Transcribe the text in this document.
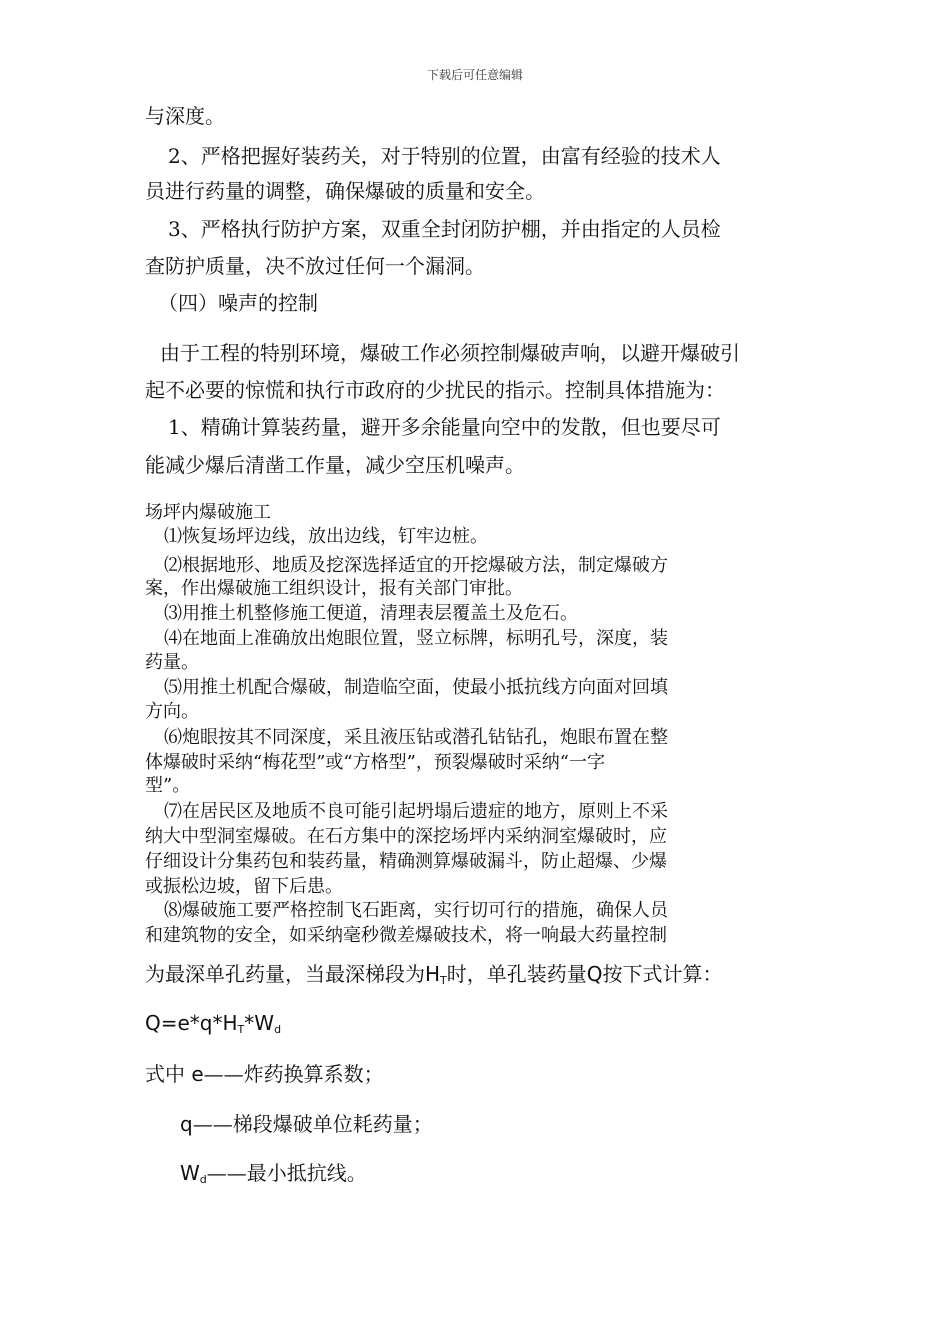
下载后可任意编辑
与深度。
2、严格把握好装药关，对于特别的位置，由富有经验的技术人
员进行药量的调整，确保爆破的质量和安全。
3、严格执行防护方案，双重全封闭防护棚，并由指定的人员检
查防护质量，决不放过任何一个漏洞。
（四）噪声的控制
由于工程的特别环境，爆破工作必须控制爆破声响，以避开爆破引
起不必要的惊慌和执行市政府的少扰民的指示。控制具体措施为：
1、精确计算装药量，避开多余能量向空中的发散，但也要尽可
能减少爆后清凿工作量，减少空压机噪声。
场坪内爆破施工
⑴恢复场坪边线，放出边线，钉牢边桩。
⑵根据地形、地质及挖深选择适宜的开挖爆破方法，制定爆破方
案，作出爆破施工组织设计，报有关部门审批。
⑶用推土机整修施工便道，清理表层覆盖土及危石。
⑷在地面上准确放出炮眼位置，竖立标牌，标明孔号，深度，装
药量。
⑸用推土机配合爆破，制造临空面，使最小抵抗线方向面对回填
方向。
⑹炮眼按其不同深度，采且液压钻或潜孔钻钻孔，炮眼布置在整
体爆破时采纳“梅花型”或“方格型”，预裂爆破时采纳“一字
型”。
⑺在居民区及地质不良可能引起坍塌后遗症的地方，原则上不采
纳大中型洞室爆破。在石方集中的深挖场坪内采纳洞室爆破时，应
仔细设计分集药包和装药量，精确测算爆破漏斗，防止超爆、少爆
或振松边坡，留下后患。
⑻爆破施工要严格控制飞石距离，实行切可行的措施，确保人员
和建筑物的安全，如采纳毫秒微差爆破技术，将一响最大药量控制
为最深单孔药量，当最深梯段为$H_T$时，单孔装药量Q按下式计算：
$Q=e*q*H_T*W_d$
式中 e——炸药换算系数；
q——梯段爆破单位耗药量；
$W_d——$最小抵抗线。
